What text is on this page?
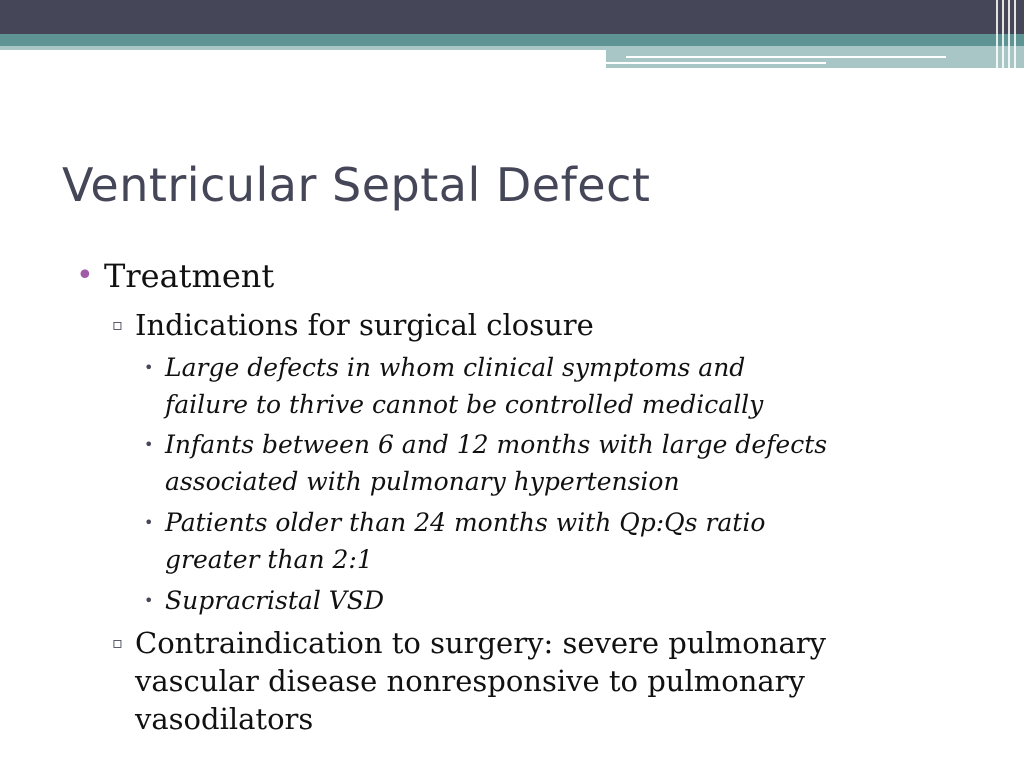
Ventricular Septal Defect
• Treatment
▫ Indications for surgical closure
• Large defects in whom clinical symptoms and
failure to thrive cannot be controlled medically
• Infants between 6 and 12 months with large defects
associated with pulmonary hypertension
• Patients older than 24 months with Qp:Qs ratio
greater than 2:1
• Supracristal VSD
▫ Contraindication to surgery: severe pulmonary
vascular disease nonresponsive to pulmonary
vasodilators
